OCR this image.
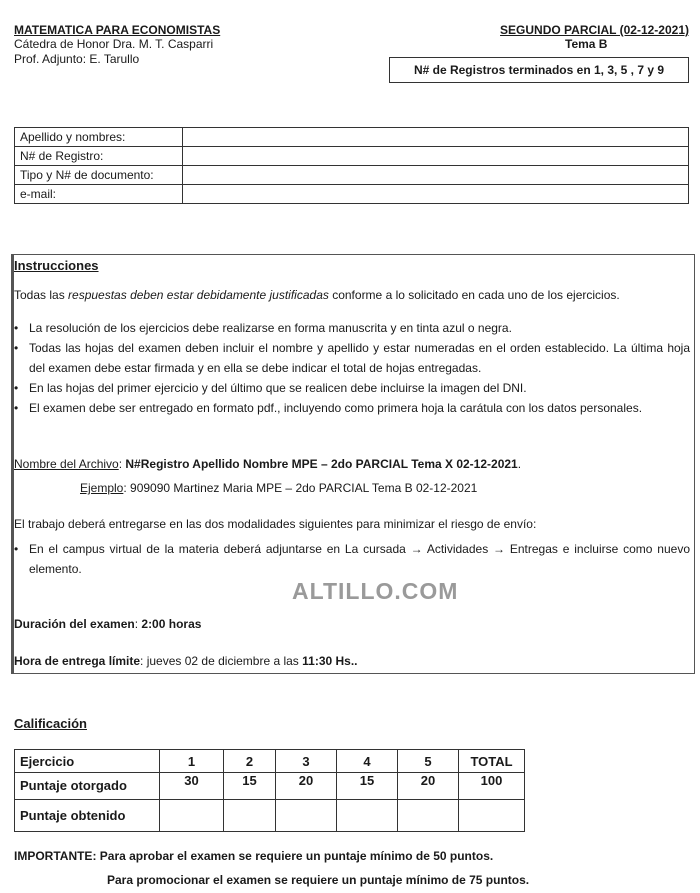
MATEMATICA PARA ECONOMISTAS
Cátedra de Honor Dra. M. T. Casparri
Prof. Adjunto: E. Tarullo
SEGUNDO PARCIAL (02-12-2021)
Tema B
N# de Registros terminados en 1, 3, 5 , 7 y 9
Apellido y nombres:	
N# de Registro:	
Tipo y N# de documento:	
e-mail:	
Instrucciones
Todas las respuestas deben estar debidamente justificadas conforme a lo solicitado en cada uno de los ejercicios.
• La resolución de los ejercicios debe realizarse en forma manuscrita y en tinta azul o negra.
• Todas las hojas del examen deben incluir el nombre y apellido y estar numeradas en el orden establecido. La última hoja del examen debe estar firmada y en ella se debe indicar el total de hojas entregadas.
• En las hojas del primer ejercicio y del último que se realicen debe incluirse la imagen del DNI.
• El examen debe ser entregado en formato pdf., incluyendo como primera hoja la carátula con los datos personales.
Nombre del Archivo: N#Registro Apellido Nombre MPE – 2do PARCIAL Tema X 02-12-2021.
Ejemplo: 909090 Martinez Maria MPE – 2do PARCIAL Tema B 02-12-2021
El trabajo deberá entregarse en las dos modalidades siguientes para minimizar el riesgo de envío:
• En el campus virtual de la materia deberá adjuntarse en La cursada → Actividades → Entregas e incluirse como nuevo elemento.
ALTILLO.COM
Duración del examen: 2:00 horas
Hora de entrega límite: jueves 02 de diciembre a las 11:30 Hs..
Calificación
Ejercicio	1	2	3	4	5	TOTAL
Puntaje otorgado	30	15	20	15	20	100
Puntaje obtenido						
IMPORTANTE: Para aprobar el examen se requiere un puntaje mínimo de 50 puntos.
Para promocionar el examen se requiere un puntaje mínimo de 75 puntos.
